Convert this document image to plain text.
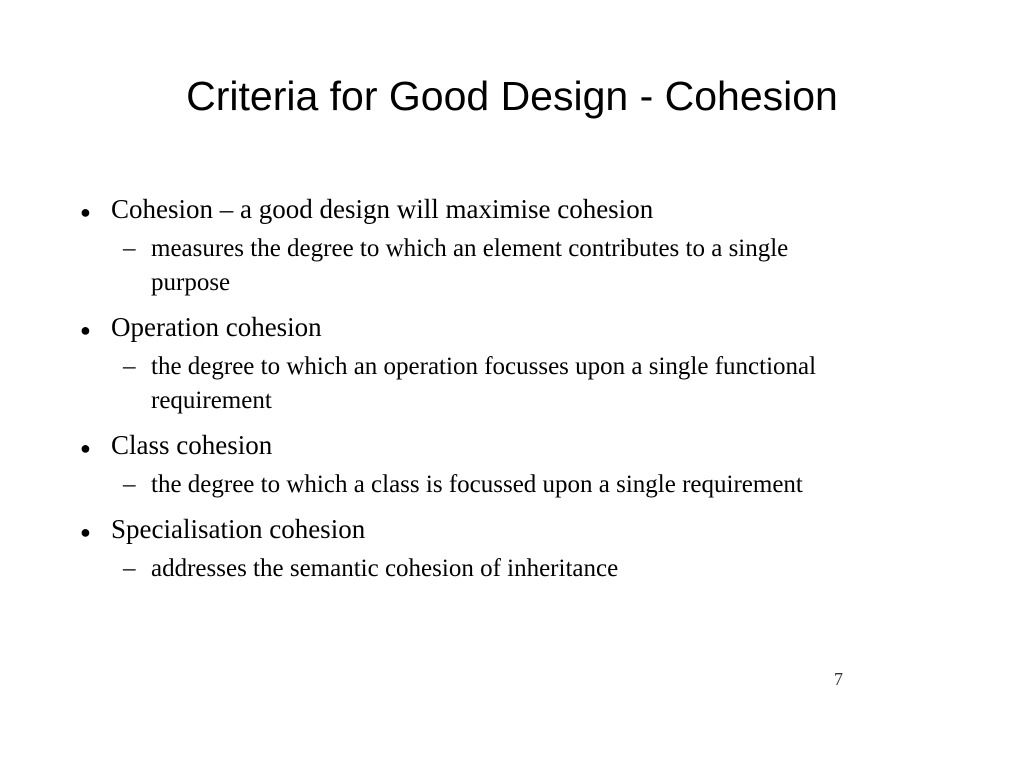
Criteria for Good Design - Cohesion
● Cohesion – a good design will maximise cohesion
– measures the degree to which an element contributes to a single purpose
● Operation cohesion
– the degree to which an operation focusses upon a single functional requirement
● Class cohesion
– the degree to which a class is focussed upon a single requirement
● Specialisation cohesion
– addresses the semantic cohesion of inheritance
7
